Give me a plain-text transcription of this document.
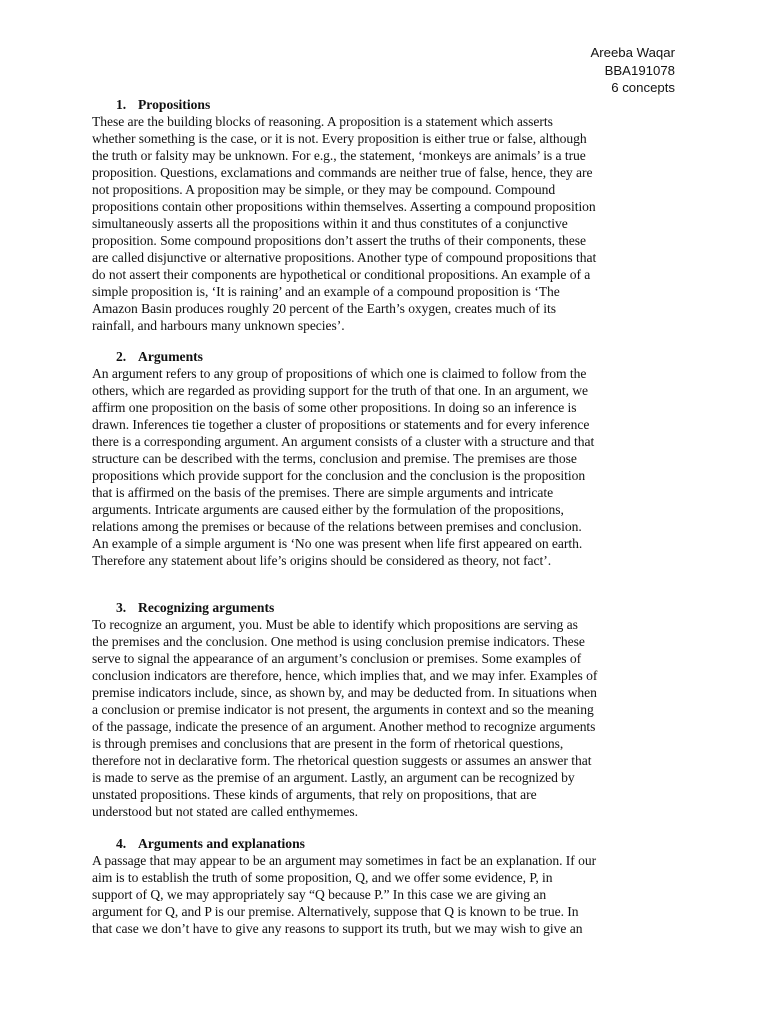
Areeba Waqar
BBA191078
6 concepts
1. Propositions
These are the building blocks of reasoning. A proposition is a statement which asserts
whether something is the case, or it is not. Every proposition is either true or false, although
the truth or falsity may be unknown. For e.g., the statement, ‘monkeys are animals’ is a true
proposition. Questions, exclamations and commands are neither true of false, hence, they are
not propositions. A proposition may be simple, or they may be compound. Compound
propositions contain other propositions within themselves. Asserting a compound proposition
simultaneously asserts all the propositions within it and thus constitutes of a conjunctive
proposition. Some compound propositions don’t assert the truths of their components, these
are called disjunctive or alternative propositions. Another type of compound propositions that
do not assert their components are hypothetical or conditional propositions. An example of a
simple proposition is, ‘It is raining’ and an example of a compound proposition is ‘The
Amazon Basin produces roughly 20 percent of the Earth’s oxygen, creates much of its
rainfall, and harbours many unknown species’.
2. Arguments
An argument refers to any group of propositions of which one is claimed to follow from the
others, which are regarded as providing support for the truth of that one. In an argument, we
affirm one proposition on the basis of some other propositions. In doing so an inference is
drawn. Inferences tie together a cluster of propositions or statements and for every inference
there is a corresponding argument. An argument consists of a cluster with a structure and that
structure can be described with the terms, conclusion and premise. The premises are those
propositions which provide support for the conclusion and the conclusion is the proposition
that is affirmed on the basis of the premises. There are simple arguments and intricate
arguments. Intricate arguments are caused either by the formulation of the propositions,
relations among the premises or because of the relations between premises and conclusion.
An example of a simple argument is ‘No one was present when life first appeared on earth.
Therefore any statement about life’s origins should be considered as theory, not fact’.
3. Recognizing arguments
To recognize an argument, you. Must be able to identify which propositions are serving as
the premises and the conclusion. One method is using conclusion premise indicators. These
serve to signal the appearance of an argument’s conclusion or premises. Some examples of
conclusion indicators are therefore, hence, which implies that, and we may infer. Examples of
premise indicators include, since, as shown by, and may be deducted from. In situations when
a conclusion or premise indicator is not present, the arguments in context and so the meaning
of the passage, indicate the presence of an argument. Another method to recognize arguments
is through premises and conclusions that are present in the form of rhetorical questions,
therefore not in declarative form. The rhetorical question suggests or assumes an answer that
is made to serve as the premise of an argument. Lastly, an argument can be recognized by
unstated propositions. These kinds of arguments, that rely on propositions, that are
understood but not stated are called enthymemes.
4. Arguments and explanations
A passage that may appear to be an argument may sometimes in fact be an explanation. If our
aim is to establish the truth of some proposition, Q, and we offer some evidence, P, in
support of Q, we may appropriately say “Q because P.” In this case we are giving an
argument for Q, and P is our premise. Alternatively, suppose that Q is known to be true. In
that case we don’t have to give any reasons to support its truth, but we may wish to give an
